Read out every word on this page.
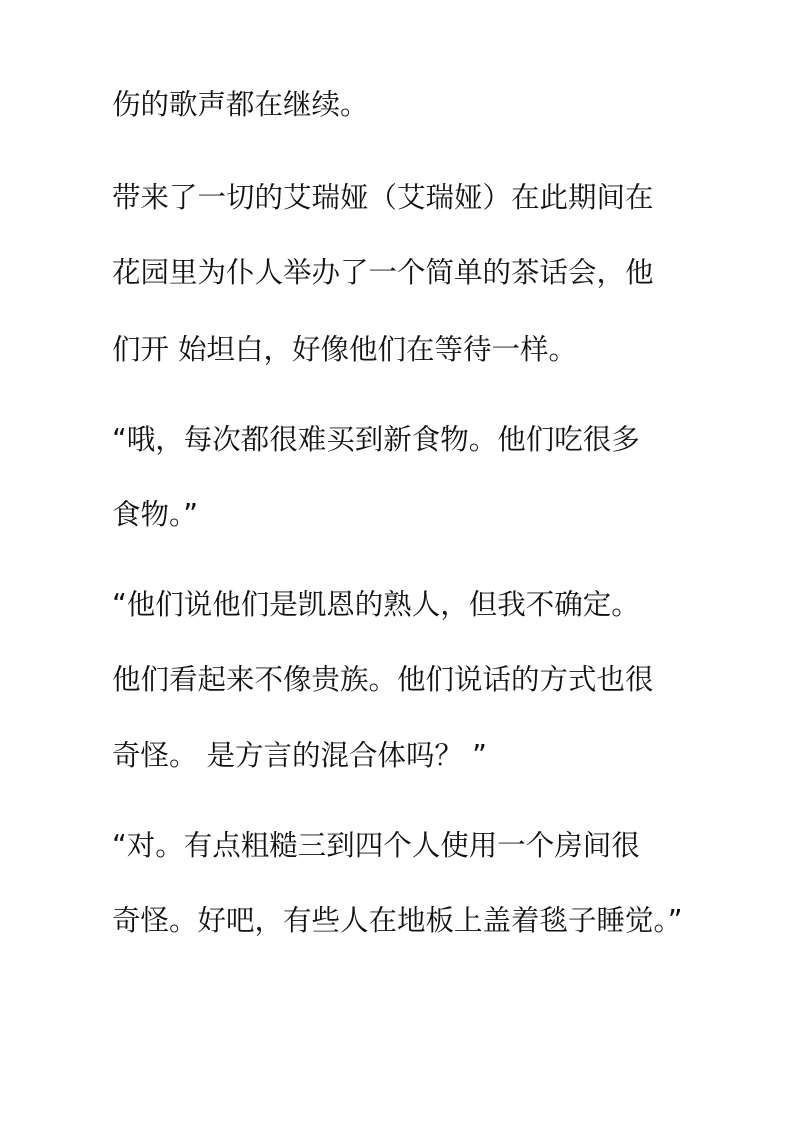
伤的歌声都在继续。
带来了一切的艾瑞娅（艾瑞娅）在此期间在
花园里为仆人举办了一个简单的茶话会，他
们开 始坦白，好像他们在等待一样。
“哦，每次都很难买到新食物。他们吃很多
食物。”
“他们说他们是凯恩的熟人，但我不确定。
他们看起来不像贵族。他们说话的方式也很
奇怪。 是方言的混合体吗？ ”
“对。有点粗糙三到四个人使用一个房间很
奇怪。好吧，有些人在地板上盖着毯子睡觉。”
